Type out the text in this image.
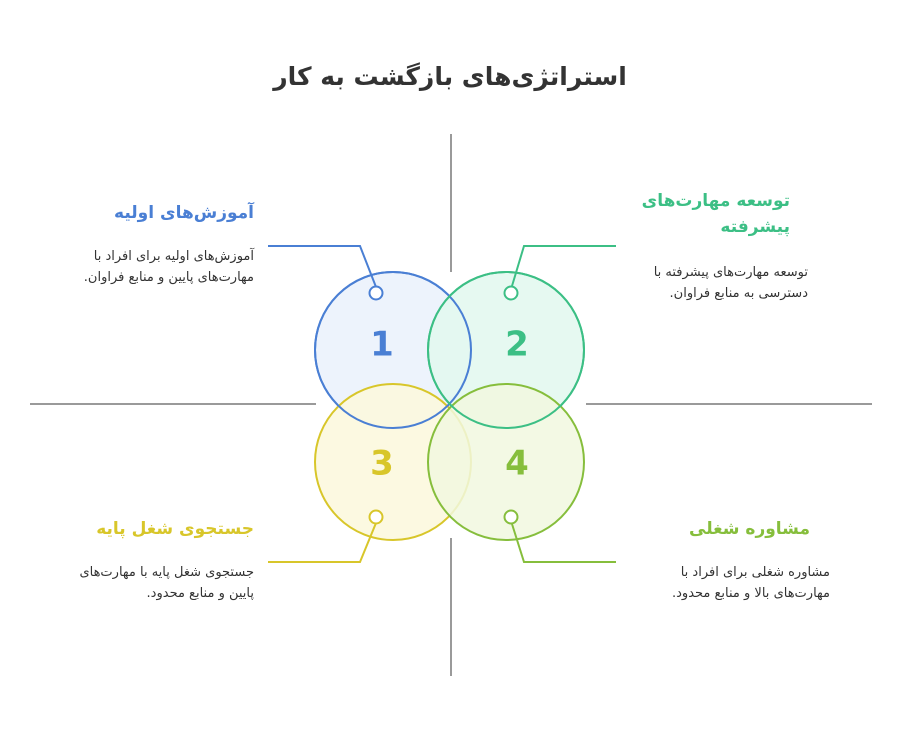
1	2
3	4
استراتژی‌های بازگشت به کار
آموزش‌های اولیه
آموزش‌های اولیه برای افراد با
مهارت‌های پایین و منابع فراوان.
توسعه مهارت‌های
پیشرفته
توسعه مهارت‌های پیشرفته با
دسترسی به منابع فراوان.
جستجوی شغل پایه
جستجوی شغل پایه با مهارت‌های
پایین و منابع محدود.
مشاوره شغلی
مشاوره شغلی برای افراد با
مهارت‌های بالا و منابع محدود.
